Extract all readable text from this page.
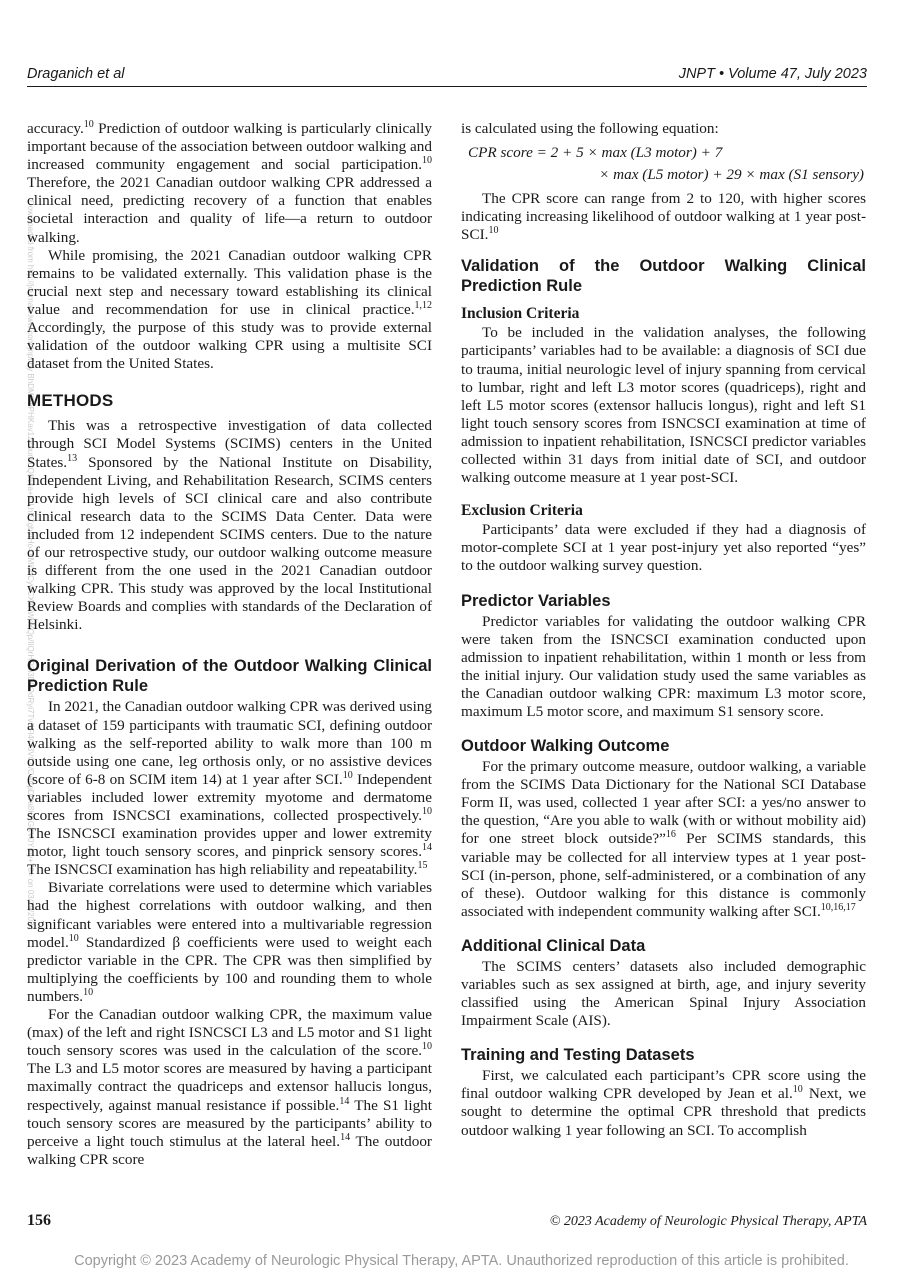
Draganich et al	JNPT • Volume 47, July 2023
Downloaded from http://journals.lww.com/jnpt by BhDMf5ePHKav1zEoum1tQfN4a+kJLhEZgbsIHo4XMi0hCywCX1AWnYQp/IlQrHD3i3D0OdRyi7TvSFl4Cf3VC4/OAVpDDa8KKGKV0Ymy+78= on 03/29/2024

accuracy.$^{10}$ Prediction of outdoor walking is particularly clinically important because of the association between outdoor walking and increased community engagement and social participation.$^{10}$ Therefore, the 2021 Canadian outdoor walking CPR addressed a clinical need, predicting recovery of a function that enables societal interaction and quality of life—a return to outdoor walking.

While promising, the 2021 Canadian outdoor walking CPR remains to be validated externally. This validation phase is the crucial next step and necessary toward establishing its clinical value and recommendation for use in clinical practice.$^{1,12}$ Accordingly, the purpose of this study was to provide external validation of the outdoor walking CPR using a multisite SCI dataset from the United States.

METHODS

This was a retrospective investigation of data collected through SCI Model Systems (SCIMS) centers in the United States.$^{13}$ Sponsored by the National Institute on Disability, Independent Living, and Rehabilitation Research, SCIMS centers provide high levels of SCI clinical care and also contribute clinical research data to the SCIMS Data Center. Data were included from 12 independent SCIMS centers. Due to the nature of our retrospective study, our outdoor walking outcome measure is different from the one used in the 2021 Canadian outdoor walking CPR. This study was approved by the local Institutional Review Boards and complies with standards of the Declaration of Helsinki.

Original Derivation of the Outdoor Walking Clinical Prediction Rule

In 2021, the Canadian outdoor walking CPR was derived using a dataset of 159 participants with traumatic SCI, defining outdoor walking as the self-reported ability to walk more than 100 m outside using one cane, leg orthosis only, or no assistive devices (score of 6-8 on SCIM item 14) at 1 year after SCI.$^{10}$ Independent variables included lower extremity myotome and dermatome scores from ISNCSCI examinations, collected prospectively.$^{10}$ The ISNCSCI examination provides upper and lower extremity motor, light touch sensory scores, and pinprick sensory scores.$^{14}$ The ISNCSCI examination has high reliability and repeatability.$^{15}$

Bivariate correlations were used to determine which variables had the highest correlations with outdoor walking, and then significant variables were entered into a multivariable regression model.$^{10}$ Standardized β coefficients were used to weight each predictor variable in the CPR. The CPR was then simplified by multiplying the coefficients by 100 and rounding them to whole numbers.$^{10}$

For the Canadian outdoor walking CPR, the maximum value (max) of the left and right ISNCSCI L3 and L5 motor and S1 light touch sensory scores was used in the calculation of the score.$^{10}$ The L3 and L5 motor scores are measured by having a participant maximally contract the quadriceps and extensor hallucis longus, respectively, against manual resistance if possible.$^{14}$ The S1 light touch sensory scores are measured by the participants’ ability to perceive a light touch stimulus at the lateral heel.$^{14}$ The outdoor walking CPR score

is calculated using the following equation:

CPR score = 2 + 5 × max (L3 motor) + 7
× max (L5 motor) + 29 × max (S1 sensory)

The CPR score can range from 2 to 120, with higher scores indicating increasing likelihood of outdoor walking at 1 year post-SCI.$^{10}$

Validation of the Outdoor Walking Clinical Prediction Rule
Inclusion Criteria

To be included in the validation analyses, the following participants’ variables had to be available: a diagnosis of SCI due to trauma, initial neurologic level of injury spanning from cervical to lumbar, right and left L3 motor scores (quadriceps), right and left L5 motor scores (extensor hallucis longus), right and left S1 light touch sensory scores from ISNCSCI examination at time of admission to inpatient rehabilitation, ISNCSCI predictor variables collected within 31 days from initial date of SCI, and outdoor walking outcome measure at 1 year post-SCI.

Exclusion Criteria

Participants’ data were excluded if they had a diagnosis of motor-complete SCI at 1 year post-injury yet also reported “yes” to the outdoor walking survey question.

Predictor Variables

Predictor variables for validating the outdoor walking CPR were taken from the ISNCSCI examination conducted upon admission to inpatient rehabilitation, within 1 month or less from the initial injury. Our validation study used the same variables as the Canadian outdoor walking CPR: maximum L3 motor score, maximum L5 motor score, and maximum S1 sensory score.

Outdoor Walking Outcome

For the primary outcome measure, outdoor walking, a variable from the SCIMS Data Dictionary for the National SCI Database Form II, was used, collected 1 year after SCI: a yes/no answer to the question, “Are you able to walk (with or without mobility aid) for one street block outside?”$^{16}$ Per SCIMS standards, this variable may be collected for all interview types at 1 year post-SCI (in-person, phone, self-administered, or a combination of any of these). Outdoor walking for this distance is commonly associated with independent community walking after SCI.$^{10,16,17}$

Additional Clinical Data

The SCIMS centers’ datasets also included demographic variables such as sex assigned at birth, age, and injury severity classified using the American Spinal Injury Association Impairment Scale (AIS).

Training and Testing Datasets

First, we calculated each participant’s CPR score using the final outdoor walking CPR developed by Jean et al.$^{10}$ Next, we sought to determine the optimal CPR threshold that predicts outdoor walking 1 year following an SCI. To accomplish

156	© 2023 Academy of Neurologic Physical Therapy, APTA
Copyright © 2023 Academy of Neurologic Physical Therapy, APTA. Unauthorized reproduction of this article is prohibited.
